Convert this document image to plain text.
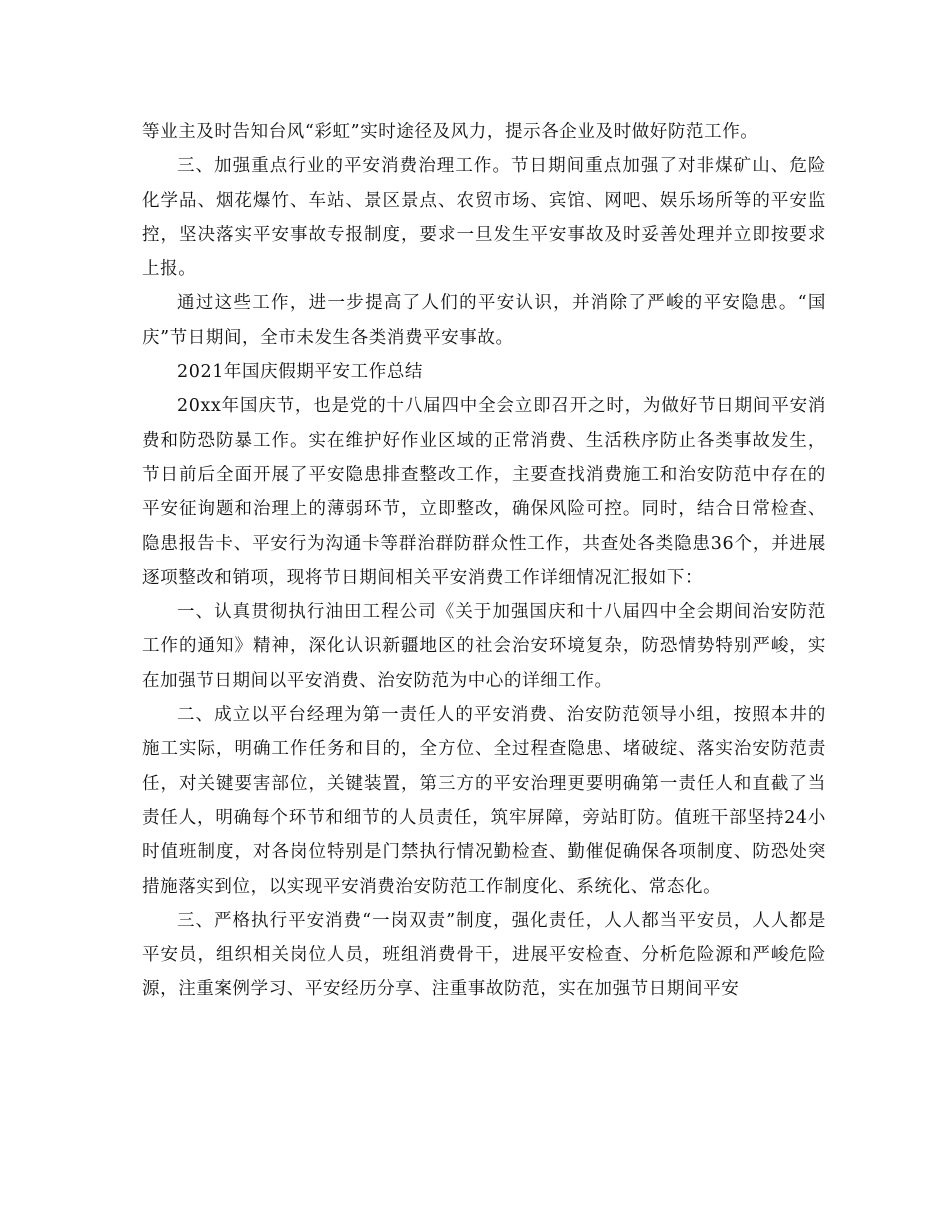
等业主及时告知台风“彩虹”实时途径及风力，提示各企业及时做好防范工作。

三、加强重点行业的平安消费治理工作。节日期间重点加强了对非煤矿山、危险化学品、烟花爆竹、车站、景区景点、农贸市场、宾馆、网吧、娱乐场所等的平安监控，坚决落实平安事故专报制度，要求一旦发生平安事故及时妥善处理并立即按要求上报。

通过这些工作，进一步提高了人们的平安认识，并消除了严峻的平安隐患。“国庆”节日期间，全市未发生各类消费平安事故。

2021年国庆假期平安工作总结

20xx年国庆节，也是党的十八届四中全会立即召开之时，为做好节日期间平安消费和防恐防暴工作。实在维护好作业区域的正常消费、生活秩序防止各类事故发生，节日前后全面开展了平安隐患排查整改工作，主要查找消费施工和治安防范中存在的平安征询题和治理上的薄弱环节，立即整改，确保风险可控。同时，结合日常检查、隐患报告卡、平安行为沟通卡等群治群防群众性工作，共查处各类隐患36个，并进展逐项整改和销项，现将节日期间相关平安消费工作详细情况汇报如下：

一、认真贯彻执行油田工程公司《关于加强国庆和十八届四中全会期间治安防范工作的通知》精神，深化认识新疆地区的社会治安环境复杂，防恐情势特别严峻，实在加强节日期间以平安消费、治安防范为中心的详细工作。

二、成立以平台经理为第一责任人的平安消费、治安防范领导小组，按照本井的施工实际，明确工作任务和目的，全方位、全过程查隐患、堵破绽、落实治安防范责任，对关键要害部位，关键装置，第三方的平安治理更要明确第一责任人和直截了当责任人，明确每个环节和细节的人员责任，筑牢屏障，旁站盯防。值班干部坚持24小时值班制度，对各岗位特别是门禁执行情况勤检查、勤催促确保各项制度、防恐处突措施落实到位，以实现平安消费治安防范工作制度化、系统化、常态化。

三、严格执行平安消费“一岗双责”制度，强化责任，人人都当平安员，人人都是平安员，组织相关岗位人员，班组消费骨干，进展平安检查、分析危险源和严峻危险源，注重案例学习、平安经历分享、注重事故防范，实在加强节日期间平安
